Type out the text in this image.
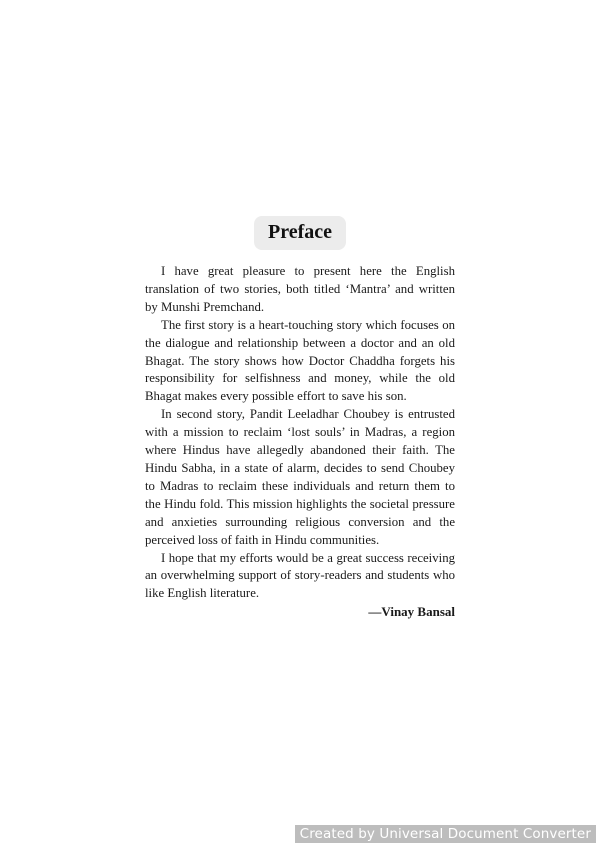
Preface

I have great pleasure to present here the English translation of two stories, both titled ‘Mantra’ and written by Munshi Premchand.

The first story is a heart-touching story which focuses on the dialogue and relationship between a doctor and an old Bhagat. The story shows how Doctor Chaddha forgets his responsibility for selfishness and money, while the old Bhagat makes every possible effort to save his son.

In second story, Pandit Leeladhar Choubey is entrusted with a mission to reclaim ‘lost souls’ in Madras, a region where Hindus have allegedly abandoned their faith. The Hindu Sabha, in a state of alarm, decides to send Choubey to Madras to reclaim these individuals and return them to the Hindu fold. This mission highlights the societal pressure and anxieties surrounding religious conversion and the perceived loss of faith in Hindu communities.

I hope that my efforts would be a great success receiving an overwhelming support of story-readers and students who like English literature.

—Vinay Bansal

Created by Universal Document Converter
